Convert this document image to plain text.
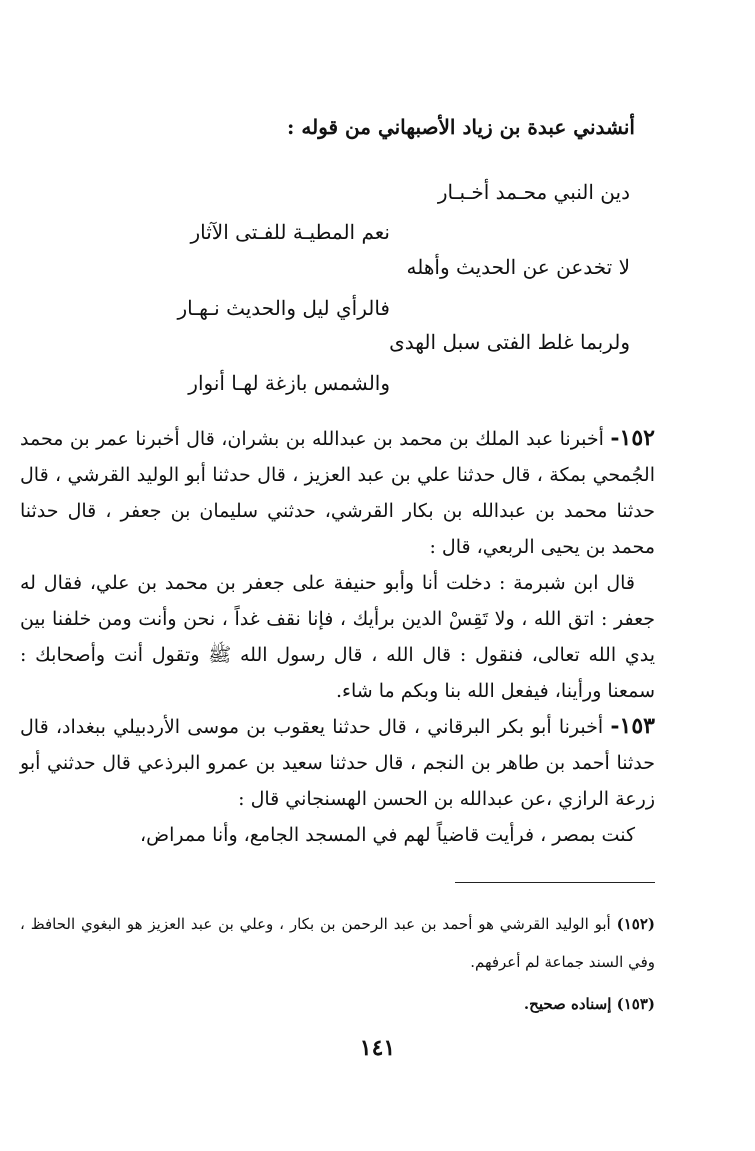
أنشدني عبدة بن زياد الأصبهاني من قوله :
دين النبي محـمد أخـبـار
نعم المطيـة للفـتى الآثار
لا تخدعن عن الحديث وأهله
فالرأي ليل والحديث نـهـار
ولربما غلط الفتى سبل الهدى
والشمس بازغة لهـا أنوار

١٥٢- أخبرنا عبد الملك بن محمد بن عبدالله بن بشران، قال أخبرنا عمر بن محمد الجُمحي بمكة ، قال حدثنا علي بن عبد العزيز ، قال حدثنا أبو الوليد القرشي ، قال حدثنا محمد بن عبدالله بن بكار القرشي، حدثني سليمان بن جعفر ، قال حدثنا محمد بن يحيى الربعي، قال :

قال ابن شبرمة : دخلت أنا وأبو حنيفة على جعفر بن محمد بن علي، فقال له جعفر : اتق الله ، ولا تَقِسْ الدين برأيك ، فإنا نقف غداً ، نحن وأنت ومن خلفنا بين يدي الله تعالى، فنقول : قال الله ، قال رسول الله ﷺ وتقول أنت وأصحابك : سمعنا ورأينا، فيفعل الله بنا وبكم ما شاء.

١٥٣- أخبرنا أبو بكر البرقاني ، قال حدثنا يعقوب بن موسى الأردبيلي ببغداد، قال حدثنا أحمد بن طاهر بن النجم ، قال حدثنا سعيد بن عمرو البرذعي قال حدثني أبو زرعة الرازي ،عن عبدالله بن الحسن الهسنجاني قال :

كنت بمصر ، فرأيت قاضياً لهم في المسجد الجامع، وأنا ممراض،

(١٥٢) أبو الوليد القرشي هو أحمد بن عبد الرحمن بن بكار ، وعلي بن عبد العزيز هو البغوي الحافظ ، وفي السند جماعة لم أعرفهم.

(١٥٣) إسناده صحيح.

١٤١
